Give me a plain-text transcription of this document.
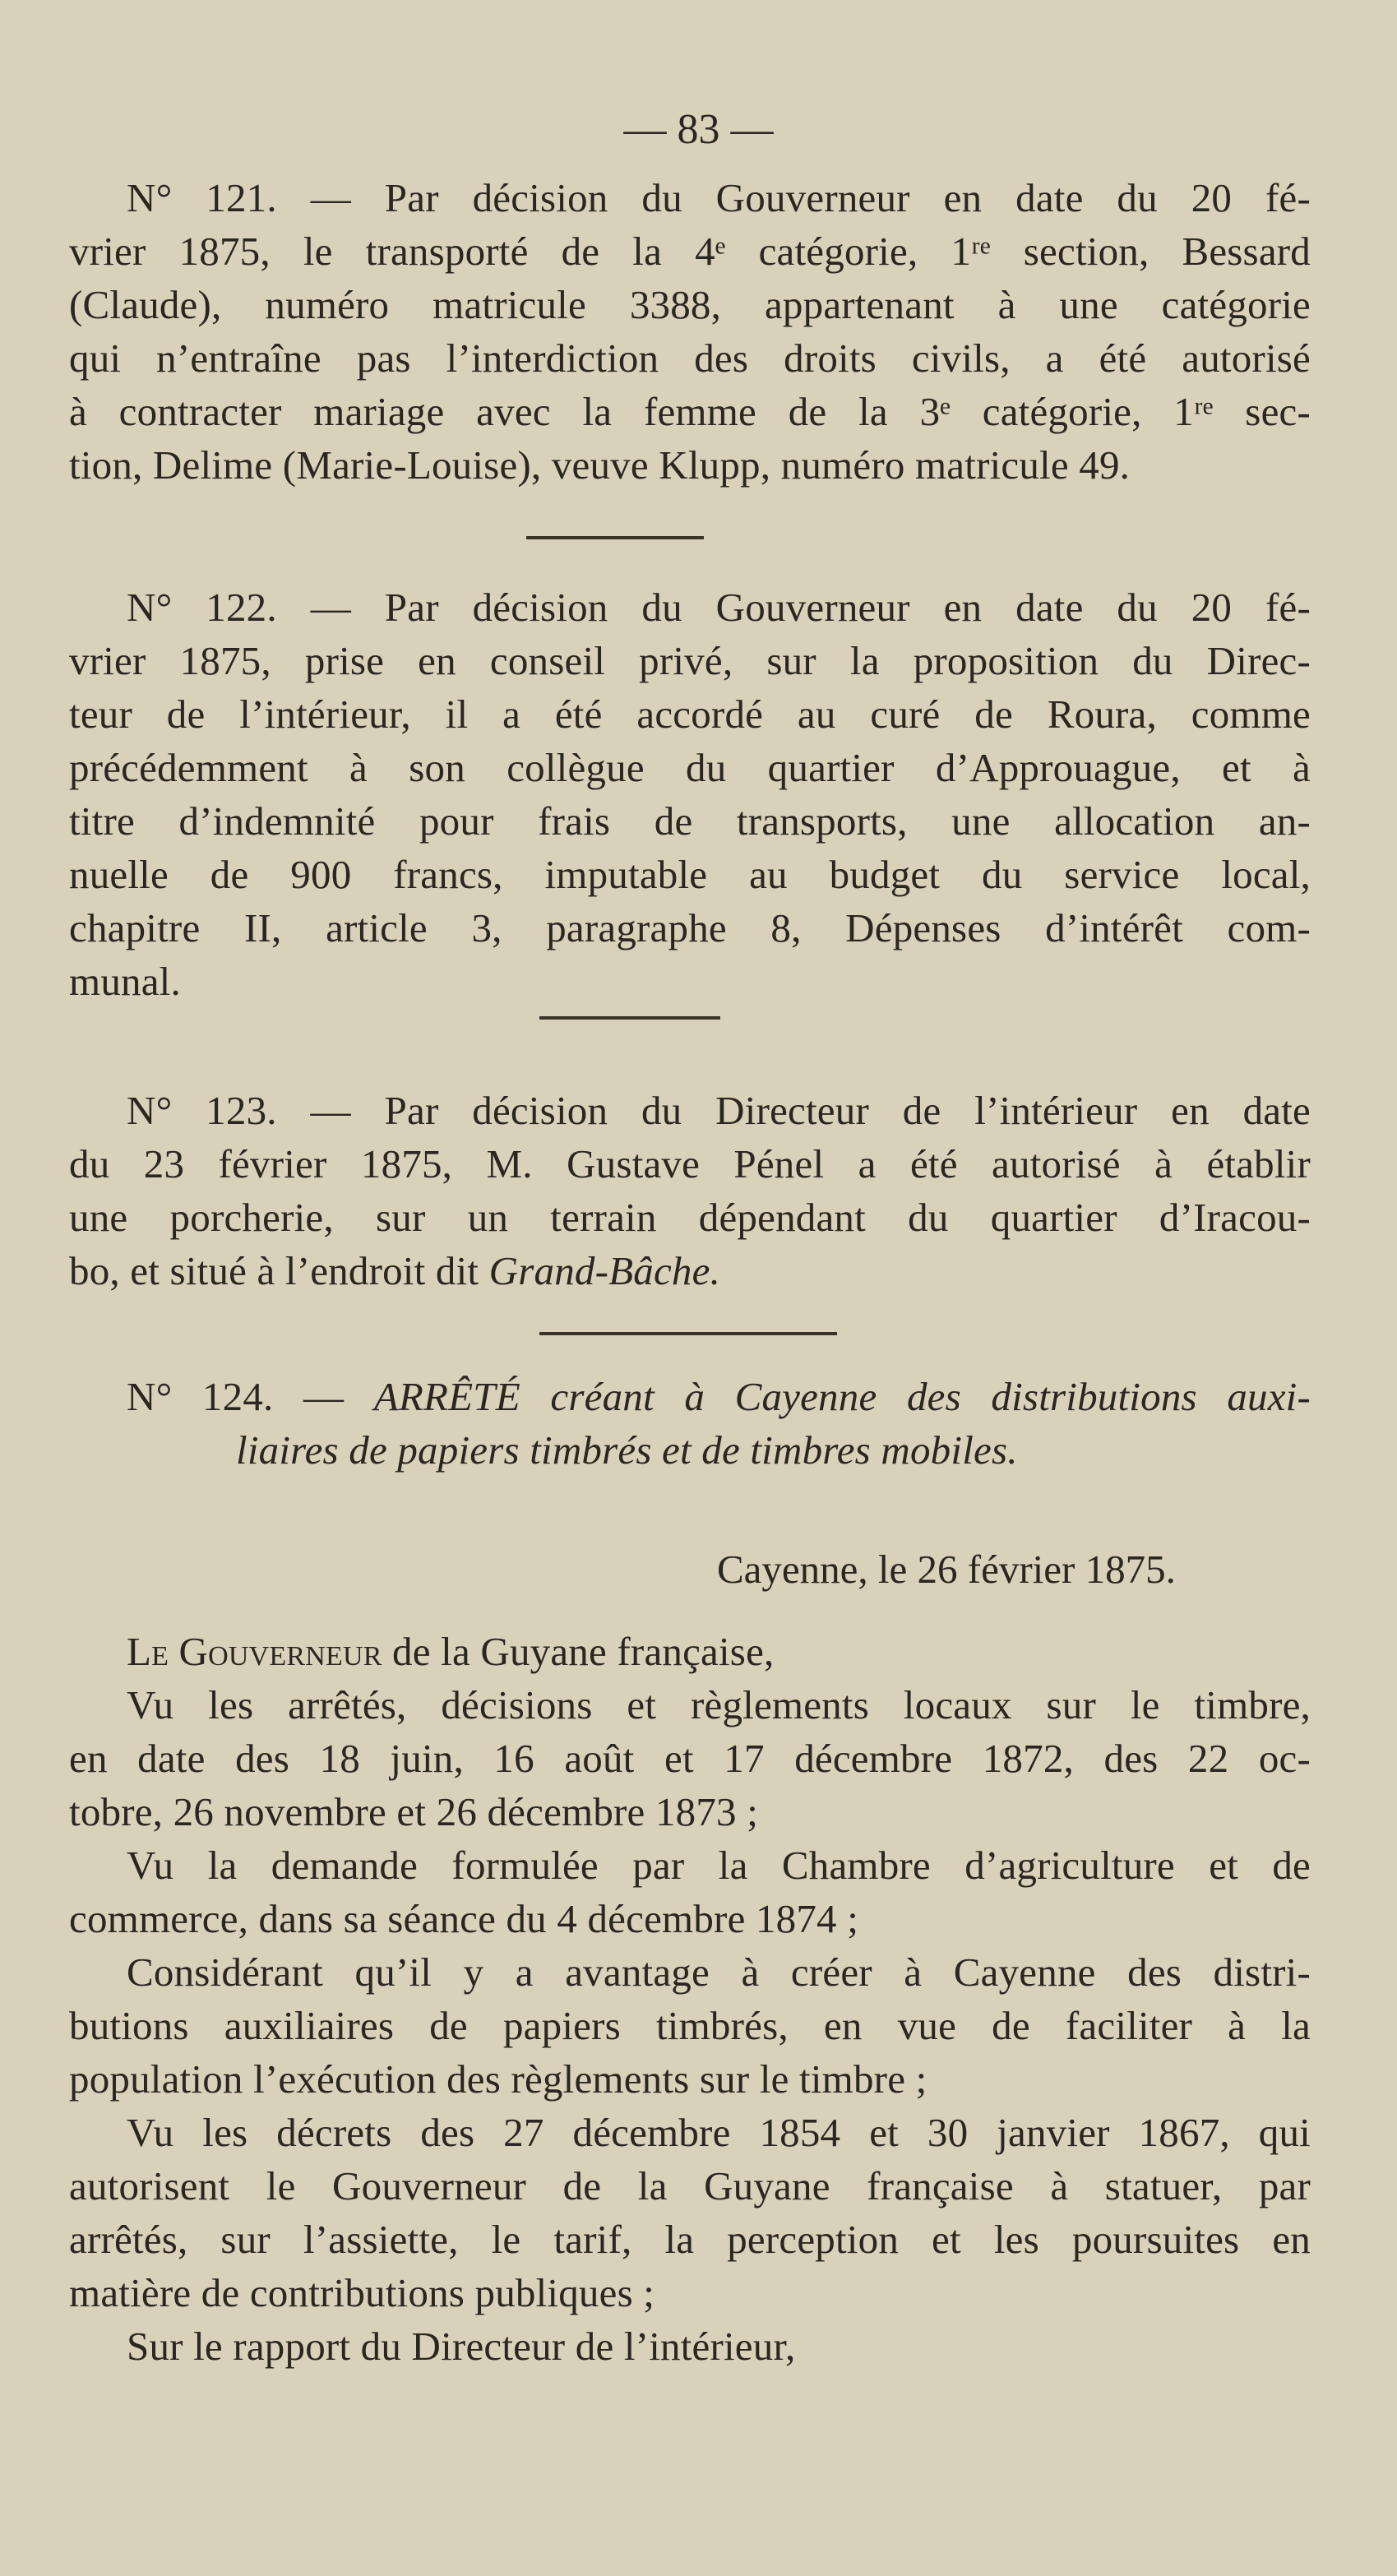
— 83 —
N° 121. — Par décision du Gouverneur en date du 20 fé-
vrier 1875, le transporté de la 4ᵉ catégorie, 1ʳᵉ section, Bessard
(Claude), numéro matricule 3388, appartenant à une catégorie
qui n’entraîne pas l’interdiction des droits civils, a été autorisé
à contracter mariage avec la femme de la 3ᵉ catégorie, 1ʳᵉ sec-
tion, Delime (Marie-Louise), veuve Klupp, numéro matricule 49.
N° 122. — Par décision du Gouverneur en date du 20 fé-
vrier 1875, prise en conseil privé, sur la proposition du Direc-
teur de l’intérieur, il a été accordé au curé de Roura, comme
précédemment à son collègue du quartier d’Approuague, et à
titre d’indemnité pour frais de transports, une allocation an-
nuelle de 900 francs, imputable au budget du service local,
chapitre II, article 3, paragraphe 8, Dépenses d’intérêt com-
munal.
N° 123. — Par décision du Directeur de l’intérieur en date
du 23 février 1875, M. Gustave Pénel a été autorisé à établir
une porcherie, sur un terrain dépendant du quartier d’Iracou-
bo, et situé à l’endroit dit Grand-Bâche.
N° 124. — ARRÊTÉ créant à Cayenne des distributions auxi-
liaires de papiers timbrés et de timbres mobiles.
Cayenne, le 26 février 1875.
Le Gouverneur de la Guyane française,
Vu les arrêtés, décisions et règlements locaux sur le timbre,
en date des 18 juin, 16 août et 17 décembre 1872, des 22 oc-
tobre, 26 novembre et 26 décembre 1873 ;
Vu la demande formulée par la Chambre d’agriculture et de
commerce, dans sa séance du 4 décembre 1874 ;
Considérant qu’il y a avantage à créer à Cayenne des distri-
butions auxiliaires de papiers timbrés, en vue de faciliter à la
population l’exécution des règlements sur le timbre ;
Vu les décrets des 27 décembre 1854 et 30 janvier 1867, qui
autorisent le Gouverneur de la Guyane française à statuer, par
arrêtés, sur l’assiette, le tarif, la perception et les poursuites en
matière de contributions publiques ;
Sur le rapport du Directeur de l’intérieur,
